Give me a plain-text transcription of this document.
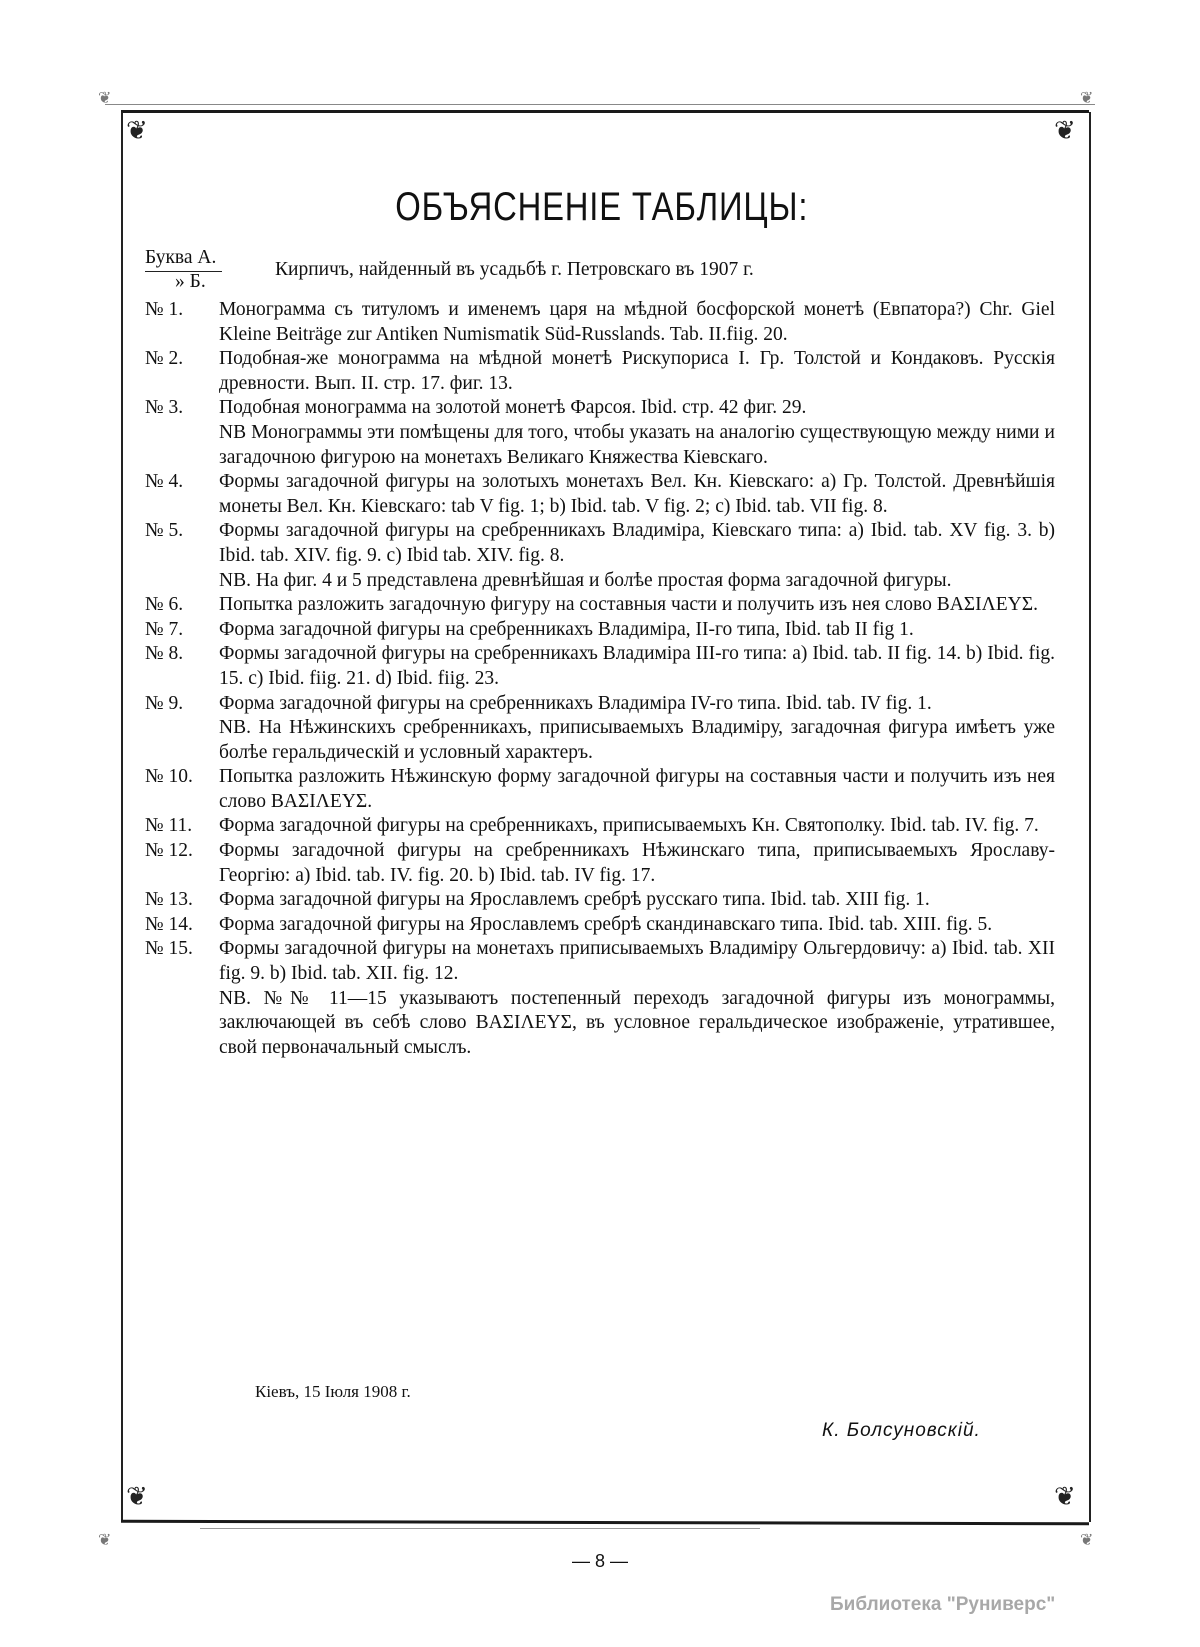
❦	❦
❦	❦
❦	❦
❦	❦
ОБЪЯСНЕНІЕ ТАБЛИЦЫ:
Буква А.
» Б.
Кирпичъ, найденный въ усадьбѣ г. Петровскаго въ 1907 г.
№ 1.	Монограмма съ титуломъ и именемъ царя на мѣдной босфорской монетѣ (Евпатора?) Chr. Giel Kleine Beiträge zur Antiken Numismatik Süd-Russlands. Tab. II.fiig. 20.

№ 2.	Подобная-же монограмма на мѣдной монетѣ Рискупориса I. Гр. Толстой и Кондаковъ. Русскія древности. Вып. II. стр. 17. фиг. 13.

№ 3.	Подобная монограмма на золотой монетѣ Фарсоя. Ibid. стр. 42 фиг. 29.

NB Монограммы эти помѣщены для того, чтобы указать на аналогію существующую между ними и загадочною фигурою на монетахъ Великаго Княжества Кіевскаго.

№ 4.	Формы загадочной фигуры на золотыхъ монетахъ Вел. Кн. Кіевскаго: a) Гр. Толстой. Древнѣйшія монеты Вел. Кн. Кіевскаго: tab V fig. 1; b) Ibid. tab. V fig. 2; c) Ibid. tab. VII fig. 8.

№ 5.	Формы загадочной фигуры на сребренникахъ Владиміра, Кіевскаго типа: a) Ibid. tab. XV fig. 3. b) Ibid. tab. XIV. fig. 9. c) Ibid tab. XIV. fig. 8.

NB. На фиг. 4 и 5 представлена древнѣйшая и болѣе простая форма загадочной фигуры.

№ 6.	Попытка разложить загадочную фигуру на составныя части и получить изъ нея слово ΒΑΣΙΛΕΥΣ.

№ 7.	Форма загадочной фигуры на сребренникахъ Владиміра, II-го типа, Ibid. tab II fig 1.

№ 8.	Формы загадочной фигуры на сребренникахъ Владиміра III-го типа: a) Ibid. tab. II fig. 14. b) Ibid. fig. 15. c) Ibid. fiig. 21. d) Ibid. fiig. 23.

№ 9.	Форма загадочной фигуры на сребренникахъ Владиміра IV-го типа. Ibid. tab. IV fig. 1.

NB. На Нѣжинскихъ сребренникахъ, приписываемыхъ Владиміру, загадочная фигура имѣетъ уже болѣе геральдическій и условный характеръ.

№ 10.	Попытка разложить Нѣжинскую форму загадочной фигуры на составныя части и получить изъ нея слово ΒΑΣΙΛΕΥΣ.

№ 11.	Форма загадочной фигуры на сребренникахъ, приписываемыхъ Кн. Святополку. Ibid. tab. IV. fig. 7.

№ 12.	Формы загадочной фигуры на сребренникахъ Нѣжинскаго типа, приписываемыхъ Ярославу-Георгію: a) Ibid. tab. IV. fig. 20. b) Ibid. tab. IV fig. 17.

№ 13.	Форма загадочной фигуры на Ярославлемъ сребрѣ русскаго типа. Ibid. tab. XIII fig. 1.

№ 14.	Форма загадочной фигуры на Ярославлемъ сребрѣ скандинавскаго типа. Ibid. tab. XIII. fig. 5.

№ 15.	Формы загадочной фигуры на монетахъ приписываемыхъ Владиміру Ольгердовичу: a) Ibid. tab. XII fig. 9. b) Ibid. tab. XII. fig. 12.

NB. №№ 11—15 указываютъ постепенный переходъ загадочной фигуры изъ монограммы, заключающей въ себѣ слово ΒΑΣΙΛΕΥΣ, въ условное геральдическое изображеніе, утратившее, свой первоначальный смыслъ.

Кіевъ, 15 Іюля 1908 г.
К. Болсуновскій.
— 8 —
Библиотека "Руниверс"
